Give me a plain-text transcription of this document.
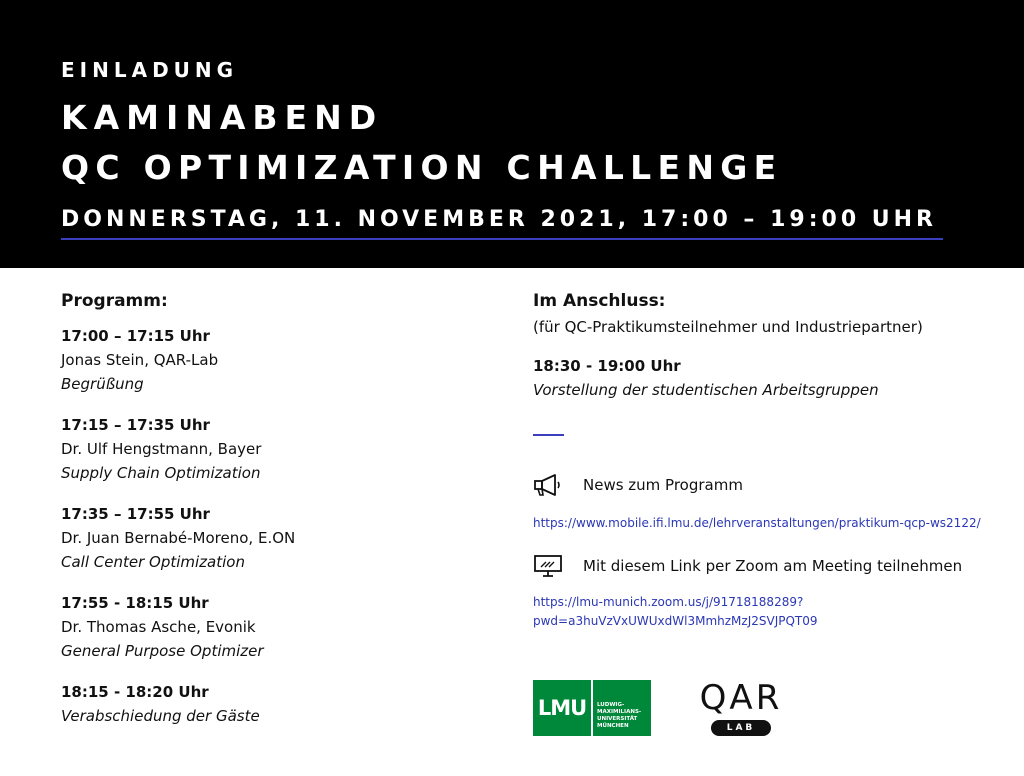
EINLADUNG
KAMINABEND
QC OPTIMIZATION CHALLENGE
DONNERSTAG, 11. NOVEMBER 2021, 17:00 – 19:00 UHR
Programm:
17:00 – 17:15 Uhr
Jonas Stein, QAR-Lab
Begrüßung
17:15 – 17:35 Uhr
Dr. Ulf Hengstmann, Bayer
Supply Chain Optimization
17:35 – 17:55 Uhr
Dr. Juan Bernabé-Moreno, E.ON
Call Center Optimization
17:55 - 18:15 Uhr
Dr. Thomas Asche, Evonik
General Purpose Optimizer
18:15 - 18:20 Uhr
Verabschiedung der Gäste
Im Anschluss:
(für QC-Praktikumsteilnehmer und Industriepartner)
18:30 - 19:00 Uhr
Vorstellung der studentischen Arbeitsgruppen
News zum Programm
https://www.mobile.ifi.lmu.de/lehrveranstaltungen/praktikum-qcp-ws2122/
Mit diesem Link per Zoom am Meeting teilnehmen
https://lmu-munich.zoom.us/j/91718188289?
pwd=a3huVzVxUWUxdWl3MmhzMzJ2SVJPQT09
LMU	LUDWIG-
MAXIMILIANS-
UNIVERSITÄT
MÜNCHEN
QAR
LAB
